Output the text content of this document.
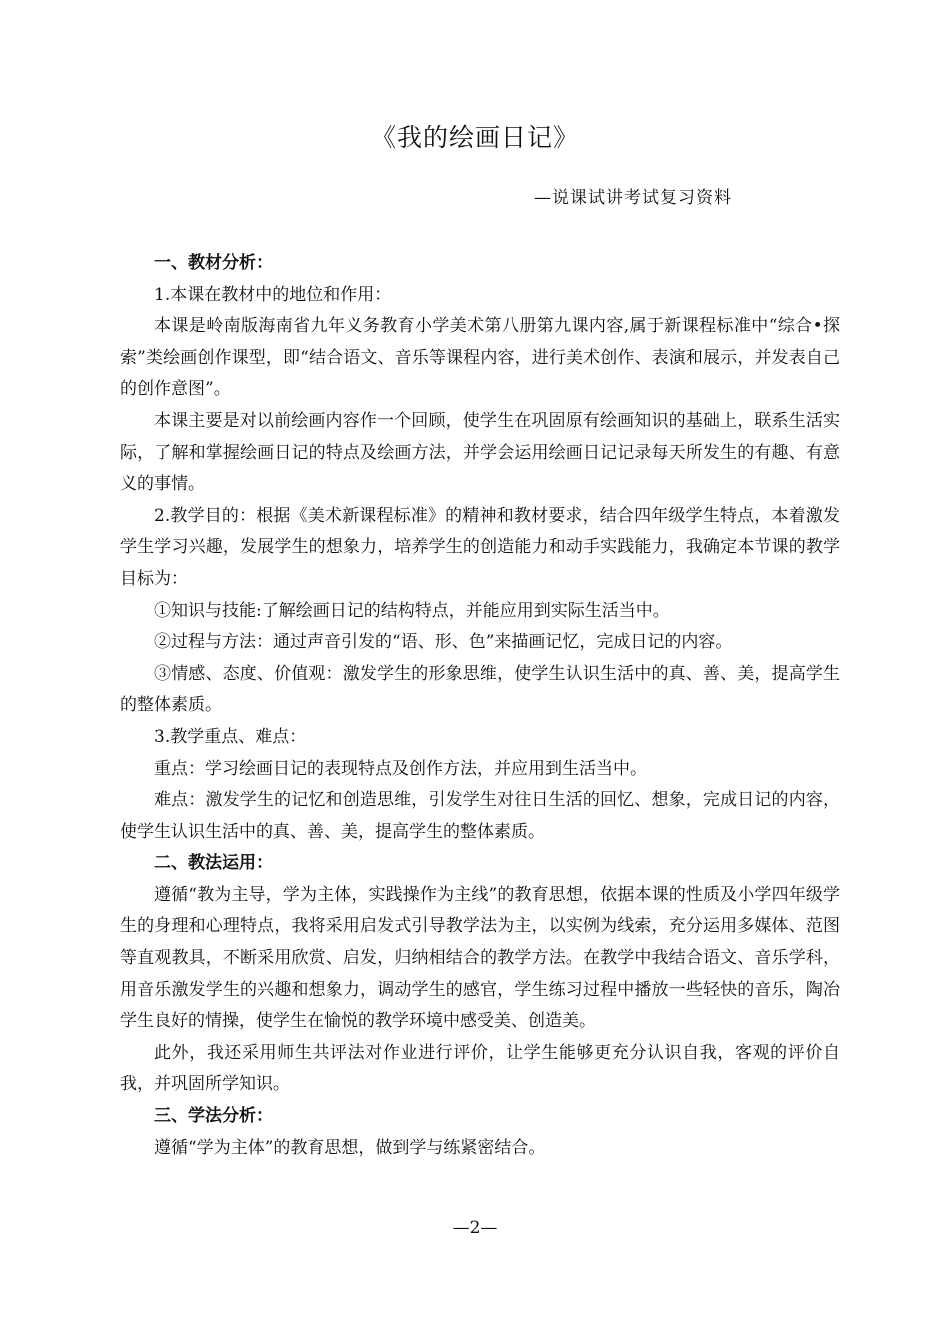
《我的绘画日记》
—说课试讲考试复习资料

一、教材分析：

1.本课在教材中的地位和作用：

本课是岭南版海南省九年义务教育小学美术第八册第九课内容,属于新课程标准中“综合•探索”类绘画创作课型，即“结合语文、音乐等课程内容，进行美术创作、表演和展示，并发表自己的创作意图”。

本课主要是对以前绘画内容作一个回顾，使学生在巩固原有绘画知识的基础上，联系生活实际，了解和掌握绘画日记的特点及绘画方法，并学会运用绘画日记记录每天所发生的有趣、有意义的事情。

2.教学目的：根据《美术新课程标准》的精神和教材要求，结合四年级学生特点，本着激发学生学习兴趣，发展学生的想象力，培养学生的创造能力和动手实践能力，我确定本节课的教学目标为：

①知识与技能:了解绘画日记的结构特点，并能应用到实际生活当中。

②过程与方法：通过声音引发的“语、形、色”来描画记忆，完成日记的内容。

③情感、态度、价值观：激发学生的形象思维，使学生认识生活中的真、善、美，提高学生的整体素质。

3.教学重点、难点：

重点：学习绘画日记的表现特点及创作方法，并应用到生活当中。

难点：激发学生的记忆和创造思维，引发学生对往日生活的回忆、想象，完成日记的内容，使学生认识生活中的真、善、美，提高学生的整体素质。

二、教法运用：

遵循“教为主导，学为主体，实践操作为主线”的教育思想，依据本课的性质及小学四年级学生的身理和心理特点，我将采用启发式引导教学法为主，以实例为线索，充分运用多媒体、范图等直观教具，不断采用欣赏、启发，归纳相结合的教学方法。在教学中我结合语文、音乐学科，用音乐激发学生的兴趣和想象力，调动学生的感官，学生练习过程中播放一些轻快的音乐，陶冶学生良好的情操，使学生在愉悦的教学环境中感受美、创造美。

此外，我还采用师生共评法对作业进行评价，让学生能够更充分认识自我，客观的评价自我，并巩固所学知识。

三、学法分析：

遵循“学为主体”的教育思想，做到学与练紧密结合。

—2—
